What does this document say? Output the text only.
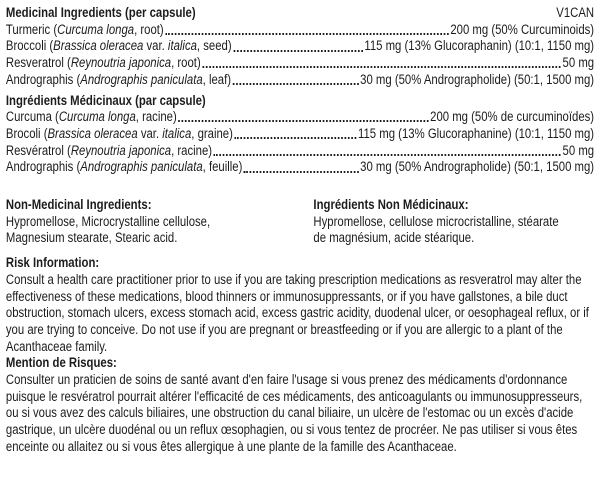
Medicinal Ingredients (per capsule)	V1CAN
Turmeric (Curcuma longa, root)	200 mg (50% Curcuminoids)
Broccoli (Brassica oleracea var. italica, seed)	115 mg (13% Glucoraphanin) (10:1, 1150 mg)
Resveratrol (Reynoutria japonica, root)	50 mg
Andrographis (Andrographis paniculata, leaf)	30 mg (50% Andrographolide) (50:1, 1500 mg)
Ingrédients Médicinaux (par capsule)
Curcuma (Curcuma longa, racine)	200 mg (50% de curcuminoïdes)
Brocoli (Brassica oleracea var. italica, graine)	115 mg (13% Glucoraphanine) (10:1, 1150 mg)
Resvératrol (Reynoutria japonica, racine)	50 mg
Andrographis (Andrographis paniculata, feuille)	30 mg (50% Andrographolide) (50:1, 1500 mg)
Non-Medicinal Ingredients:
Hypromellose, Microcrystalline cellulose,
Magnesium stearate, Stearic acid.
Ingrédients Non Médicinaux:
Hypromellose, cellulose microcristalline, stéarate
de magnésium, acide stéarique.
Risk Information:

Consult a health care practitioner prior to use if you are taking prescription medications as resveratrol may alter the effectiveness of these medications, blood thinners or immunosuppressants, or if you have gallstones, a bile duct obstruction, stomach ulcers, excess stomach acid, excess gastric acidity, duodenal ulcer, or oesophageal reflux, or if you are trying to conceive. Do not use if you are pregnant or breastfeeding or if you are allergic to a plant of the Acanthaceae family.

Mention de Risques:

Consulter un praticien de soins de santé avant d'en faire l'usage si vous prenez des médicaments d'ordonnance puisque le resvératrol pourrait altérer l'efficacité de ces médicaments, des anticoagulants ou immunosuppresseurs, ou si vous avez des calculs biliaires, une obstruction du canal biliaire, un ulcère de l'estomac ou un excès d'acide gastrique, un ulcère duodénal ou un reflux œsophagien, ou si vous tentez de procréer. Ne pas utiliser si vous êtes enceinte ou allaitez ou si vous êtes allergique à une plante de la famille des Acanthaceae.
